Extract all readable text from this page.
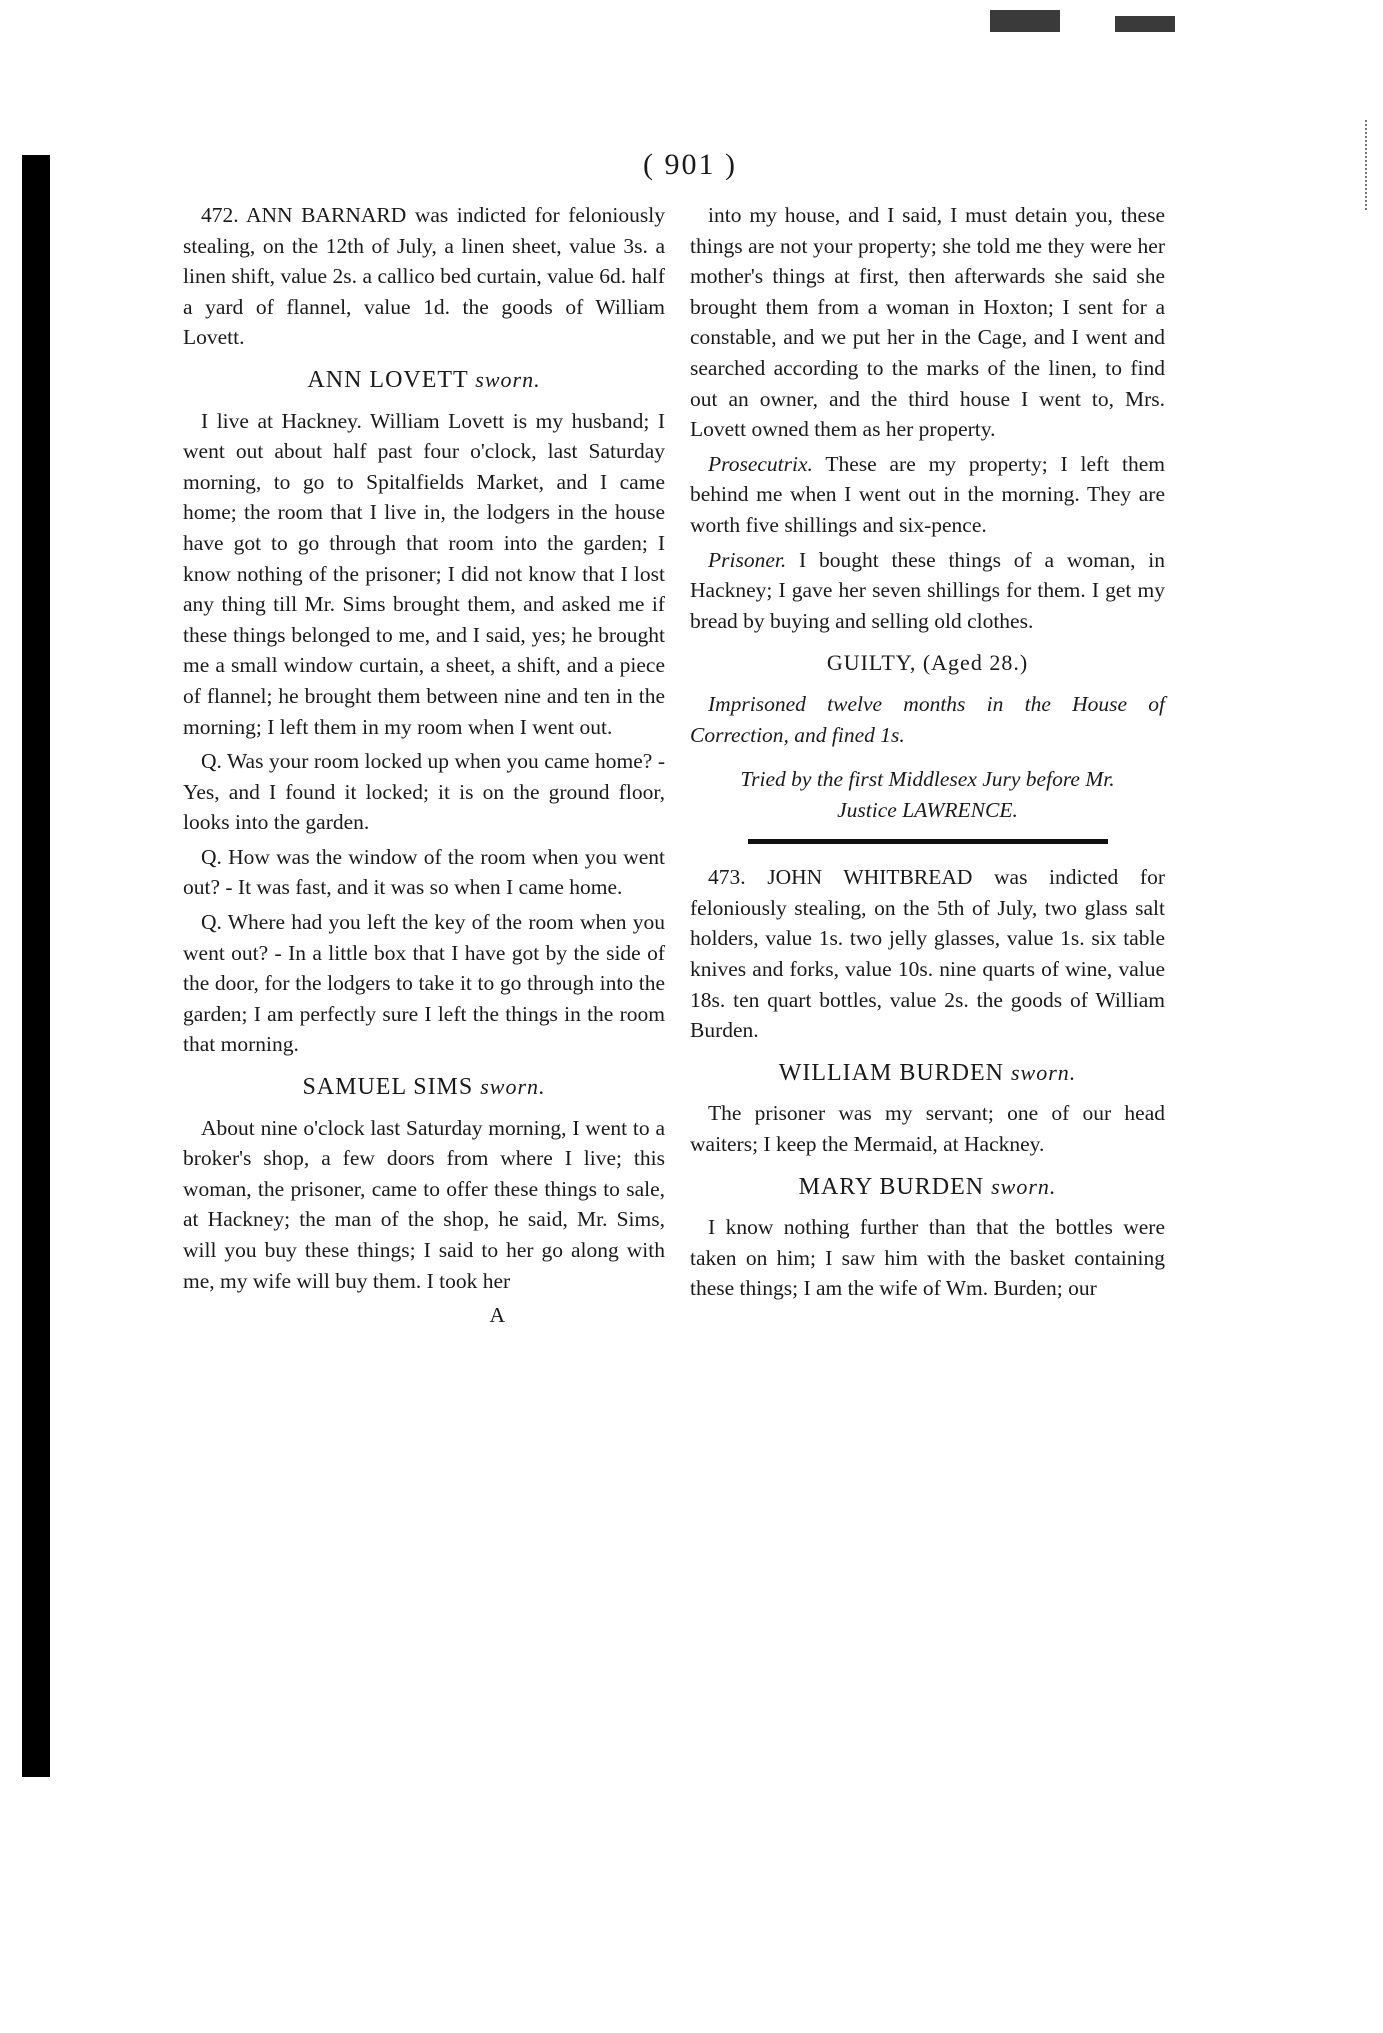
( 901 )

472. ANN BARNARD was indicted for feloniously stealing, on the 12th of July, a linen sheet, value 3s. a linen shift, value 2s. a callico bed curtain, value 6d. half a yard of flannel, value 1d. the goods of William Lovett.

ANN LOVETT sworn.

I live at Hackney. William Lovett is my husband; I went out about half past four o'clock, last Saturday morning, to go to Spitalfields Market, and I came home; the room that I live in, the lodgers in the house have got to go through that room into the garden; I know nothing of the prisoner; I did not know that I lost any thing till Mr. Sims brought them, and asked me if these things belonged to me, and I said, yes; he brought me a small window curtain, a sheet, a shift, and a piece of flannel; he brought them between nine and ten in the morning; I left them in my room when I went out.

Q. Was your room locked up when you came home? - Yes, and I found it locked; it is on the ground floor, looks into the garden.

Q. How was the window of the room when you went out? - It was fast, and it was so when I came home.

Q. Where had you left the key of the room when you went out? - In a little box that I have got by the side of the door, for the lodgers to take it to go through into the garden; I am perfectly sure I left the things in the room that morning.

SAMUEL SIMS sworn.

About nine o'clock last Saturday morning, I went to a broker's shop, a few doors from where I live; this woman, the prisoner, came to offer these things to sale, at Hackney; the man of the shop, he said, Mr. Sims, will you buy these things; I said to her go along with me, my wife will buy them. I took her

A

into my house, and I said, I must detain you, these things are not your property; she told me they were her mother's things at first, then afterwards she said she brought them from a woman in Hoxton; I sent for a constable, and we put her in the Cage, and I went and searched according to the marks of the linen, to find out an owner, and the third house I went to, Mrs. Lovett owned them as her property.

Prosecutrix. These are my property; I left them behind me when I went out in the morning. They are worth five shillings and six-pence.

Prisoner. I bought these things of a woman, in Hackney; I gave her seven shillings for them. I get my bread by buying and selling old clothes.

GUILTY, (Aged 28.)

Imprisoned twelve months in the House of Correction, and fined 1s.

Tried by the first Middlesex Jury before Mr. Justice LAWRENCE.

473. JOHN WHITBREAD was indicted for feloniously stealing, on the 5th of July, two glass salt holders, value 1s. two jelly glasses, value 1s. six table knives and forks, value 10s. nine quarts of wine, value 18s. ten quart bottles, value 2s. the goods of William Burden.

WILLIAM BURDEN sworn.

The prisoner was my servant; one of our head waiters; I keep the Mermaid, at Hackney.

MARY BURDEN sworn.

I know nothing further than that the bottles were taken on him; I saw him with the basket containing these things; I am the wife of Wm. Burden; our
